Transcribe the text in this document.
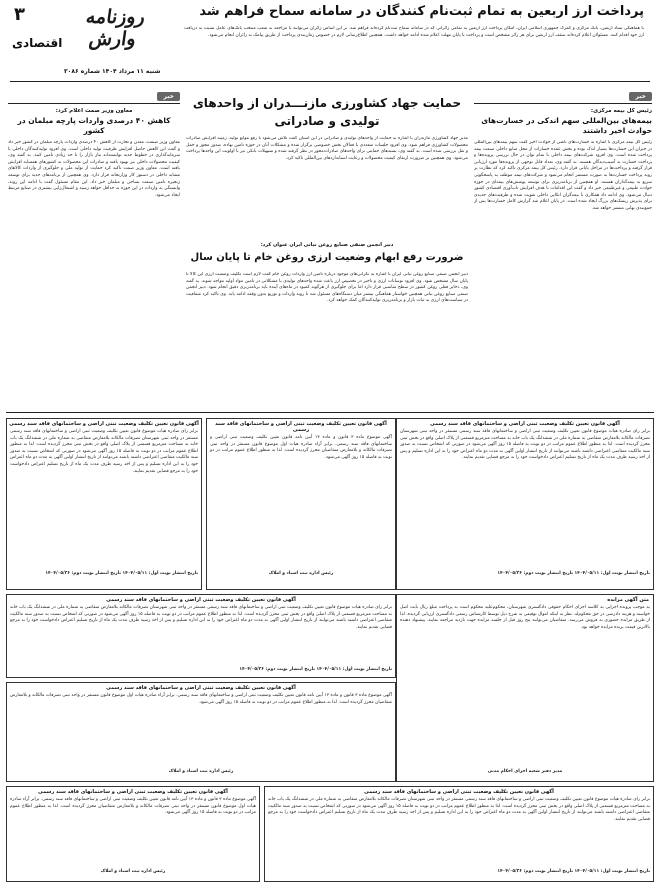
۳
اقتصادی
روزنامه وارش
شنبه ۱۱ مرداد ۱۴۰۴ شماره ۳۰۸۶
پرداخت ارز اربعین به تمام ثبت‌نام کنندگان در سامانه سماح فراهم شد
با هماهنگی ستاد اربعین، بانک مرکزی و گمرک جمهوری اسلامی ایران، امکان پرداخت ارز اربعین به تمامی زائرانی که در سامانه سماح ثبت‌نام کرده‌اند فراهم شد. بر این اساس زائران می‌توانند با مراجعه به شعب منتخب بانک‌های عامل نسبت به دریافت ارز خود اقدام کنند. مسئولان اعلام کرده‌اند سقف ارز اربعین برای هر زائر مشخص است و پرداخت تا پایان مهلت اعلام شده ادامه خواهد داشت. همچنین اطلاع‌رسانی لازم در خصوص زمان‌بندی پرداخت از طریق پیامک به زائران انجام می‌شود.
خبر
رئیس کل بیمه مرکزی:
بیمه‌های بین‌المللی سهم اندکی در خسارت‌های حوادث اخیر داشتند
رئیس کل بیمه مرکزی با اشاره به خسارت‌های ناشی از حوادث اخیر گفت سهم بیمه‌های بین‌المللی در جبران این خسارت‌ها بسیار اندک بوده و بخش عمده خسارات از محل منابع داخلی صنعت بیمه پرداخت شده است. وی افزود شرکت‌های بیمه داخلی با تمام توان در حال بررسی پرونده‌ها و پرداخت خسارت به آسیب‌دیدگان هستند. به گفته وی، تعداد قابل توجهی از پرونده‌ها مورد ارزیابی قرار گرفته و پرداخت‌ها در مراحل پایانی قرار دارد. رئیس کل بیمه مرکزی تاکید کرد که نظارت بر روند پرداخت خسارت‌ها به صورت مستمر انجام می‌شود و شرکت‌های بیمه موظف به پاسخگویی سریع به بیمه‌گذاران هستند. او همچنین از برنامه‌ریزی برای توسعه پوشش‌های بیمه‌ای در حوزه حوادث طبیعی و غیرطبیعی خبر داد و گفت این اقدامات با هدف افزایش تاب‌آوری اقتصادی کشور دنبال می‌شود. وی ادامه داد همکاری با بیمه‌گران اتکایی داخلی تقویت شده و ظرفیت‌های جدیدی برای پذیرش ریسک‌های بزرگ ایجاد شده است. در پایان اعلام شد گزارش کامل خسارت‌ها پس از جمع‌بندی نهایی منتشر خواهد شد.
حمایت جهاد کشاورزی مازنـــدران از واحدهای
تولیدی و صادراتی
مدیر جهاد کشاورزی مازندران با اشاره به حمایت از واحدهای تولیدی و صادراتی در این استان گفت تلاش می‌شود با رفع موانع تولید، زمینه افزایش صادرات محصولات کشاورزی فراهم شود. وی افزود جلسات متعددی با فعالان بخش خصوصی برگزار شده و مشکلات آنان در حوزه تامین نهاده، صدور مجوز و حمل و نقل بررسی شده است. به گفته وی، بسته‌های حمایتی برای واحدهای صادرات‌محور در نظر گرفته شده و تسهیلات بانکی نیز با اولویت این واحدها پرداخت می‌شود. وی همچنین بر ضرورت ارتقای کیفیت محصولات و رعایت استانداردهای بین‌المللی تاکید کرد.
دبیر انجمن صنفی صنایع روغن نباتی ایران عنوان کرد:
ضرورت رفع ابهام وضعیت ارزی روغن خام تا پایان سال
دبیر انجمن صنفی صنایع روغن نباتی ایران با اشاره به نگرانی‌های موجود درباره تامین ارز واردات روغن خام گفت لازم است تکلیف وضعیت ارزی این کالا تا پایان سال مشخص شود. وی افزود نوسانات ارزی و تاخیر در تخصیص ارز باعث شده واحدهای تولیدی با مشکلاتی در تامین مواد اولیه مواجه شوند. به گفته وی، ذخایر فعلی روغن کشور در سطح مناسبی قرار دارد اما برای جلوگیری از هرگونه کمبود در ماه‌های آینده باید برنامه‌ریزی دقیق انجام شود. دبیر انجمن صنفی صنایع روغن نباتی همچنین خواستار هماهنگی بیشتر میان دستگاه‌های مسئول شد تا روند واردات و توزیع بدون وقفه ادامه یابد. وی تاکید کرد شفافیت در سیاست‌های ارزی به ثبات بازار و برنامه‌ریزی تولیدکنندگان کمک خواهد کرد.
خبر
معاون وزیر صمت اعلام کرد:
کاهش ۴۰ درصدی واردات پارچه مبلمان در کشور
معاون وزیر صنعت، معدن و تجارت از کاهش ۴۰ درصدی واردات پارچه مبلمان در کشور خبر داد و گفت این کاهش حاصل افزایش ظرفیت تولید داخلی است. وی افزود تولیدکنندگان داخلی با سرمایه‌گذاری در خطوط جدید توانسته‌اند نیاز بازار را تا حد زیادی تامین کنند. به گفته وی، کیفیت محصولات داخلی نیز بهبود یافته و صادرات این محصولات به کشورهای همسایه افزایش یافته است. معاون وزیر صمت تاکید کرد حمایت از تولید ملی و جلوگیری از واردات کالاهای مشابه داخلی در دستور کار وزارتخانه قرار دارد. وی همچنین از برنامه‌های جدید برای توسعه زنجیره تامین صنعت نساجی و مبلمان خبر داد. این مقام مسئول گفت با ادامه این روند، وابستگی به واردات در این حوزه به حداقل خواهد رسید و اشتغال‌زایی بیشتری در صنایع مرتبط ایجاد می‌شود.
آگهی قانون تعیین تکلیف وضعیت ثبتی اراضی و ساختمانهای فاقد سند رسمی
برابر رای صادره هیات موضوع قانون تعیین تکلیف وضعیت ثبتی اراضی و ساختمانهای فاقد سند رسمی مستقر در واحد ثبتی شهرستان تصرفات مالکانه بلامعارض متقاضی به شماره ملی در ششدانگ یک باب خانه به مساحت مترمربع قسمتی از پلاک اصلی واقع در بخش ثبتی محرز گردیده است. لذا به منظور اطلاع عموم مراتب در دو نوبت به فاصله ۱۵ روز آگهی می‌شود در صورتی که اشخاص نسبت به صدور سند مالکیت متقاضی اعتراضی داشته باشند می‌توانند از تاریخ انتشار اولین آگهی به مدت دو ماه اعتراض خود را به این اداره تسلیم و پس از اخذ رسید ظرف مدت یک ماه از تاریخ تسلیم اعتراض دادخواست خود را به مرجع قضایی تقدیم نمایند.
تاریخ انتشار نوبت اول: ۱۴۰۴/۰۵/۱۱ تاریخ انتشار نوبت دوم: ۱۴۰۴/۰۵/۲۶
آگهی قانون تعیین تکلیف وضعیت ثبتی اراضی و ساختمانهای فاقد سند رسمی
آگهی موضوع ماده ۳ قانون و ماده ۱۳ آیین نامه قانون تعیین تکلیف وضعیت ثبتی اراضی و ساختمانهای فاقد سند رسمی. برابر آراء صادره هیات اول موضوع قانون مستقر در واحد ثبتی تصرفات مالکانه و بلامعارض متقاضیان محرز گردیده است. لذا به منظور اطلاع عموم مراتب در دو نوبت به فاصله ۱۵ روز آگهی می‌شود.
رئیس اداره ثبت اسناد و املاک
آگهی قانون تعیین تکلیف وضعیت ثبتی اراضی و ساختمانهای فاقد سند رسمی
برابر رای صادره هیات موضوع قانون تعیین تکلیف وضعیت ثبتی اراضی و ساختمانهای فاقد سند رسمی مستقر در واحد ثبتی شهرستان تصرفات مالکانه بلامعارض متقاضی به شماره ملی در ششدانگ یک باب خانه به مساحت مترمربع قسمتی از پلاک اصلی واقع در بخش ثبتی محرز گردیده است. لذا به منظور اطلاع عموم مراتب در دو نوبت به فاصله ۱۵ روز آگهی می‌شود در صورتی که اشخاص نسبت به صدور سند مالکیت متقاضی اعتراضی داشته باشند می‌توانند از تاریخ انتشار اولین آگهی به مدت دو ماه اعتراض خود را به این اداره تسلیم و پس از اخذ رسید ظرف مدت یک ماه از تاریخ تسلیم اعتراض دادخواست خود را به مرجع قضایی تقدیم نمایند.
تاریخ انتشار نوبت اول: ۱۴۰۴/۰۵/۱۱ تاریخ انتشار نوبت دوم: ۱۴۰۴/۰۵/۲۶
متن آگهی مزایده
به موجب پرونده اجرایی به کلاسه اجرای احکام حقوقی دادگستری شهرستان، محکوم‌علیه محکوم است به پرداخت مبلغ ریال بابت اصل خواسته و هزینه دادرسی در حق محکوم‌له. نظر به اینکه اموال توقیفی به شرح ذیل توسط کارشناس رسمی دادگستری ارزیابی گردیده، لذا از طریق مزایده حضوری به فروش می‌رسد. متقاضیان می‌توانند پنج روز قبل از جلسه مزایده جهت بازدید مراجعه نمایند. پیشنهاد دهنده بالاترین قیمت برنده مزایده خواهد بود.
مدیر دفتر شعبه اجرای احکام مدنی
آگهی قانون تعیین تکلیف وضعیت ثبتی اراضی و ساختمانهای فاقد سند رسمی
برابر رای صادره هیات موضوع قانون تعیین تکلیف وضعیت ثبتی اراضی و ساختمانهای فاقد سند رسمی مستقر در واحد ثبتی شهرستان تصرفات مالکانه بلامعارض متقاضی به شماره ملی در ششدانگ یک باب خانه به مساحت مترمربع قسمتی از پلاک اصلی واقع در بخش ثبتی محرز گردیده است. لذا به منظور اطلاع عموم مراتب در دو نوبت به فاصله ۱۵ روز آگهی می‌شود در صورتی که اشخاص نسبت به صدور سند مالکیت متقاضی اعتراضی داشته باشند می‌توانند از تاریخ انتشار اولین آگهی به مدت دو ماه اعتراض خود را به این اداره تسلیم و پس از اخذ رسید ظرف مدت یک ماه از تاریخ تسلیم اعتراض دادخواست خود را به مرجع قضایی تقدیم نمایند.
تاریخ انتشار نوبت اول: ۱۴۰۴/۰۵/۱۱ تاریخ انتشار نوبت دوم: ۱۴۰۴/۰۵/۲۶
آگهی قانون تعیین تکلیف وضعیت ثبتی اراضی و ساختمانهای فاقد سند رسمی
آگهی موضوع ماده ۳ قانون و ماده ۱۳ آیین نامه قانون تعیین تکلیف وضعیت ثبتی اراضی و ساختمانهای فاقد سند رسمی. برابر آراء صادره هیات اول موضوع قانون مستقر در واحد ثبتی تصرفات مالکانه و بلامعارض متقاضیان محرز گردیده است. لذا به منظور اطلاع عموم مراتب در دو نوبت به فاصله ۱۵ روز آگهی می‌شود.
رئیس اداره ثبت اسناد و املاک
آگهی قانون تعیین تکلیف وضعیت ثبتی اراضی و ساختمانهای فاقد سند رسمی
برابر رای صادره هیات موضوع قانون تعیین تکلیف وضعیت ثبتی اراضی و ساختمانهای فاقد سند رسمی مستقر در واحد ثبتی شهرستان تصرفات مالکانه بلامعارض متقاضی به شماره ملی در ششدانگ یک باب خانه به مساحت مترمربع قسمتی از پلاک اصلی واقع در بخش ثبتی محرز گردیده است. لذا به منظور اطلاع عموم مراتب در دو نوبت به فاصله ۱۵ روز آگهی می‌شود در صورتی که اشخاص نسبت به صدور سند مالکیت متقاضی اعتراضی داشته باشند می‌توانند از تاریخ انتشار اولین آگهی به مدت دو ماه اعتراض خود را به این اداره تسلیم و پس از اخذ رسید ظرف مدت یک ماه از تاریخ تسلیم اعتراض دادخواست خود را به مرجع قضایی تقدیم نمایند.
تاریخ انتشار نوبت اول: ۱۴۰۴/۰۵/۱۱ تاریخ انتشار نوبت دوم: ۱۴۰۴/۰۵/۲۶
آگهی قانون تعیین تکلیف وضعیت ثبتی اراضی و ساختمانهای فاقد سند رسمی
آگهی موضوع ماده ۳ قانون و ماده ۱۳ آیین نامه قانون تعیین تکلیف وضعیت ثبتی اراضی و ساختمانهای فاقد سند رسمی. برابر آراء صادره هیات اول موضوع قانون مستقر در واحد ثبتی تصرفات مالکانه و بلامعارض متقاضیان محرز گردیده است. لذا به منظور اطلاع عموم مراتب در دو نوبت به فاصله ۱۵ روز آگهی می‌شود.
رئیس اداره ثبت اسناد و املاک
